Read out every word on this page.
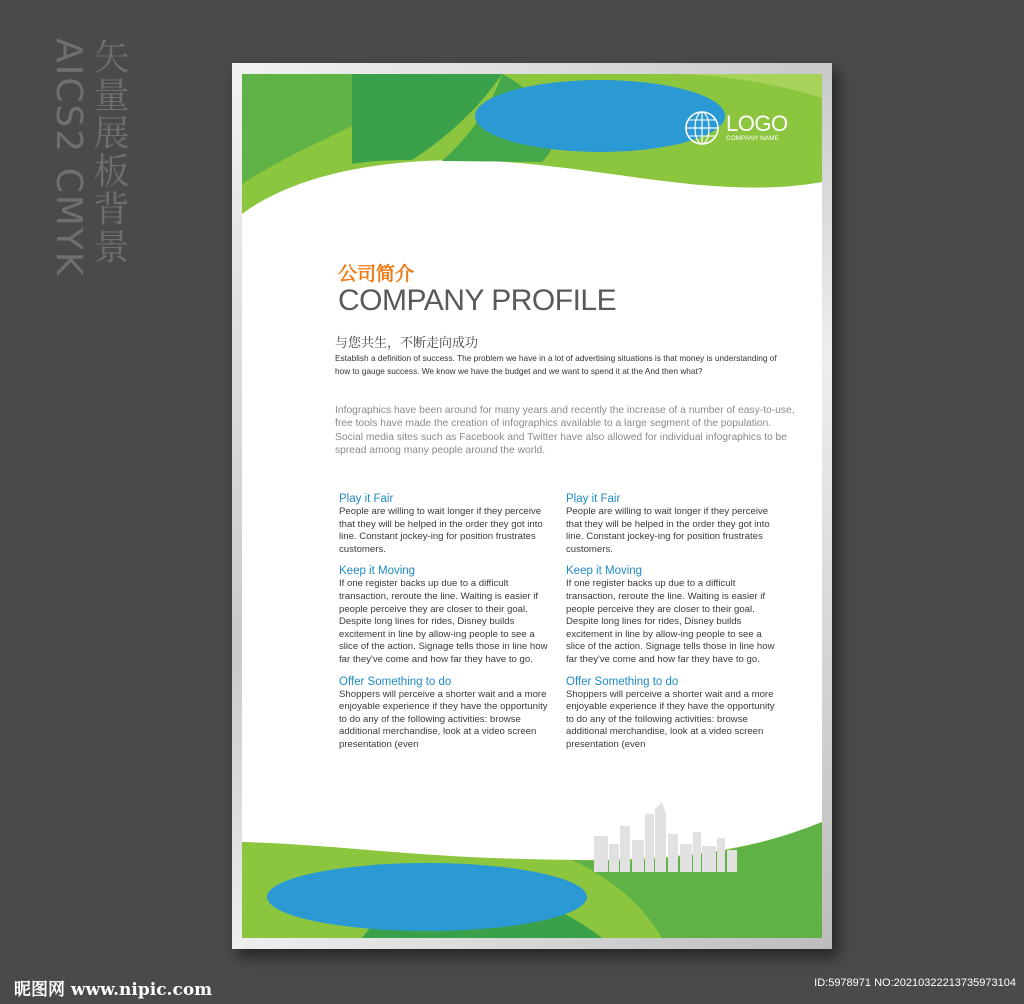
矢量展板背景
AICS2 CMYK	LOGO
COMPANY NAME
公司简介
COMPANY PROFILE
与您共生，不断走向成功
Establish a definition of success. The problem we have in a lot of advertising situations is that money is understanding of how to gauge success. We know we have the budget and we want to spend it at the And then what?
Infographics have been around for many years and recently the increase of a number of easy-to-use, free tools have made the creation of infographics available to a large segment of the population. Social media sites such as Facebook and Twitter have also allowed for individual infographics to be spread among many people around the world.
Play it Fair
People are willing to wait longer if they perceive that they will be helped in the order they got into line. Constant jockey-ing for position frustrates customers.
Keep it Moving
If one register backs up due to a difficult transaction, reroute the line. Waiting is easier if people perceive they are closer to their goal. Despite long lines for rides, Disney builds excitement in line by allow-ing people to see a slice of the action. Signage tells those in line how far they've come and how far they have to go.
Offer Something to do
Shoppers will perceive a shorter wait and a more enjoyable experience if they have the opportunity to do any of the following activities: browse additional merchandise, look at a video screen presentation (even
Play it Fair
People are willing to wait longer if they perceive that they will be helped in the order they got into line. Constant jockey-ing for position frustrates customers.
Keep it Moving
If one register backs up due to a difficult transaction, reroute the line. Waiting is easier if people perceive they are closer to their goal. Despite long lines for rides, Disney builds excitement in line by allow-ing people to see a slice of the action. Signage tells those in line how far they've come and how far they have to go.
Offer Something to do
Shoppers will perceive a shorter wait and a more enjoyable experience if they have the opportunity to do any of the following activities: browse additional merchandise, look at a video screen presentation (even
昵图网 www.nipic.com	ID:5978971 NO:20210322213735973104
